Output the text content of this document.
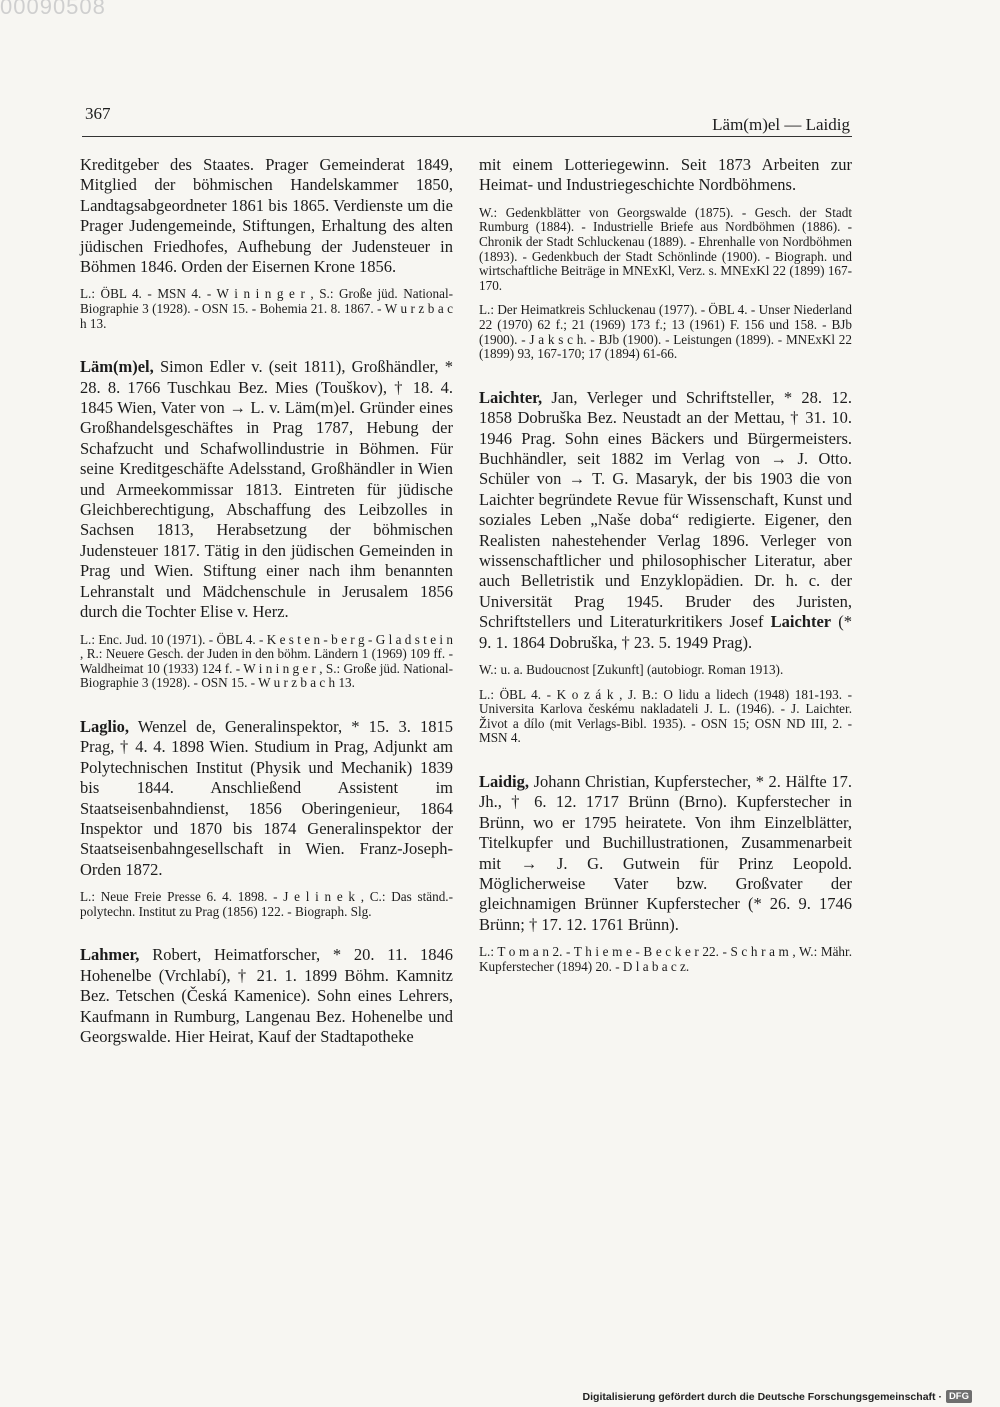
00090508
367
Läm(m)el — Laidig

Kreditgeber des Staates. Prager Gemeinderat 1849, Mitglied der böhmischen Handelskammer 1850, Landtagsabgeordneter 1861 bis 1865. Verdienste um die Prager Judengemeinde, Stiftungen, Erhaltung des alten jüdischen Friedhofes, Aufhebung der Judensteuer in Böhmen 1846. Orden der Eisernen Krone 1856.

L.: ÖBL 4. - MSN 4. - W i n i n g e r , S.: Große jüd. National-Biographie 3 (1928). - OSN 15. - Bohemia 21. 8. 1867. - W u r z b a c h 13.

Läm(m)el, Simon Edler v. (seit 1811), Großhändler, * 28. 8. 1766 Tuschkau Bez. Mies (Touškov), † 18. 4. 1845 Wien, Vater von → L. v. Läm(m)el. Gründer eines Großhandelsgeschäftes in Prag 1787, Hebung der Schafzucht und Schafwollindustrie in Böhmen. Für seine Kreditgeschäfte Adelsstand, Großhändler in Wien und Armeekommissar 1813. Eintreten für jüdische Gleichberechtigung, Abschaffung des Leibzolles in Sachsen 1813, Herabsetzung der böhmischen Judensteuer 1817. Tätig in den jüdischen Gemeinden in Prag und Wien. Stiftung einer nach ihm benannten Lehranstalt und Mädchenschule in Jerusalem 1856 durch die Tochter Elise v. Herz.

L.: Enc. Jud. 10 (1971). - ÖBL 4. - K e s t e n - b e r g - G l a d s t e i n , R.: Neuere Gesch. der Juden in den böhm. Ländern 1 (1969) 109 ff. - Waldheimat 10 (1933) 124 f. - W i n i n g e r , S.: Große jüd. National-Biographie 3 (1928). - OSN 15. - W u r z b a c h 13.

Laglio, Wenzel de, Generalinspektor, * 15. 3. 1815 Prag, † 4. 4. 1898 Wien. Studium in Prag, Adjunkt am Polytechnischen Institut (Physik und Mechanik) 1839 bis 1844. Anschließend Assistent im Staatseisenbahndienst, 1856 Oberingenieur, 1864 Inspektor und 1870 bis 1874 Generalinspektor der Staatseisenbahngesellschaft in Wien. Franz-Joseph-Orden 1872.

L.: Neue Freie Presse 6. 4. 1898. - J e l i n e k , C.: Das ständ.-polytechn. Institut zu Prag (1856) 122. - Biograph. Slg.

Lahmer, Robert, Heimatforscher, * 20. 11. 1846 Hohenelbe (Vrchlabí), † 21. 1. 1899 Böhm. Kamnitz Bez. Tetschen (Česká Kamenice). Sohn eines Lehrers, Kaufmann in Rumburg, Langenau Bez. Hohenelbe und Georgswalde. Hier Heirat, Kauf der Stadtapotheke

mit einem Lotteriegewinn. Seit 1873 Arbeiten zur Heimat- und Industriegeschichte Nordböhmens.

W.: Gedenkblätter von Georgswalde (1875). - Gesch. der Stadt Rumburg (1884). - Industrielle Briefe aus Nordböhmen (1886). - Chronik der Stadt Schluckenau (1889). - Ehrenhalle von Nordböhmen (1893). - Gedenkbuch der Stadt Schönlinde (1900). - Biograph. und wirtschaftliche Beiträge in MNExKl, Verz. s. MNExKl 22 (1899) 167-170.

L.: Der Heimatkreis Schluckenau (1977). - ÖBL 4. - Unser Niederland 22 (1970) 62 f.; 21 (1969) 173 f.; 13 (1961) F. 156 und 158. - BJb (1900). - J a k s c h. - BJb (1900). - Leistungen (1899). - MNExKl 22 (1899) 93, 167-170; 17 (1894) 61-66.

Laichter, Jan, Verleger und Schriftsteller, * 28. 12. 1858 Dobruška Bez. Neustadt an der Mettau, † 31. 10. 1946 Prag. Sohn eines Bäckers und Bürgermeisters. Buchhändler, seit 1882 im Verlag von → J. Otto. Schüler von → T. G. Masaryk, der bis 1903 die von Laichter begründete Revue für Wissenschaft, Kunst und soziales Leben „Naše doba“ redigierte. Eigener, den Realisten nahestehender Verlag 1896. Verleger von wissenschaftlicher und philosophischer Literatur, aber auch Belletristik und Enzyklopädien. Dr. h. c. der Universität Prag 1945. Bruder des Juristen, Schriftstellers und Literaturkritikers Josef Laichter (* 9. 1. 1864 Dobruška, † 23. 5. 1949 Prag).

W.: u. a. Budoucnost [Zukunft] (autobiogr. Roman 1913).

L.: ÖBL 4. - K o z á k , J. B.: O lidu a lidech (1948) 181-193. - Universita Karlova českému nakladateli J. L. (1946). - J. Laichter. Život a dílo (mit Verlags-Bibl. 1935). - OSN 15; OSN ND III, 2. - MSN 4.

Laidig, Johann Christian, Kupferstecher, * 2. Hälfte 17. Jh., † 6. 12. 1717 Brünn (Brno). Kupferstecher in Brünn, wo er 1795 heiratete. Von ihm Einzelblätter, Titelkupfer und Buchillustrationen, Zusammenarbeit mit → J. G. Gutwein für Prinz Leopold. Möglicherweise Vater bzw. Großvater der gleichnamigen Brünner Kupferstecher (* 26. 9. 1746 Brünn; † 17. 12. 1761 Brünn).

L.: T o m a n 2. - T h i e m e - B e c k e r 22. - S c h r a m , W.: Mähr. Kupferstecher (1894) 20. - D l a b a c z.

Digitalisierung gefördert durch die Deutsche Forschungsgemeinschaft · DFG
